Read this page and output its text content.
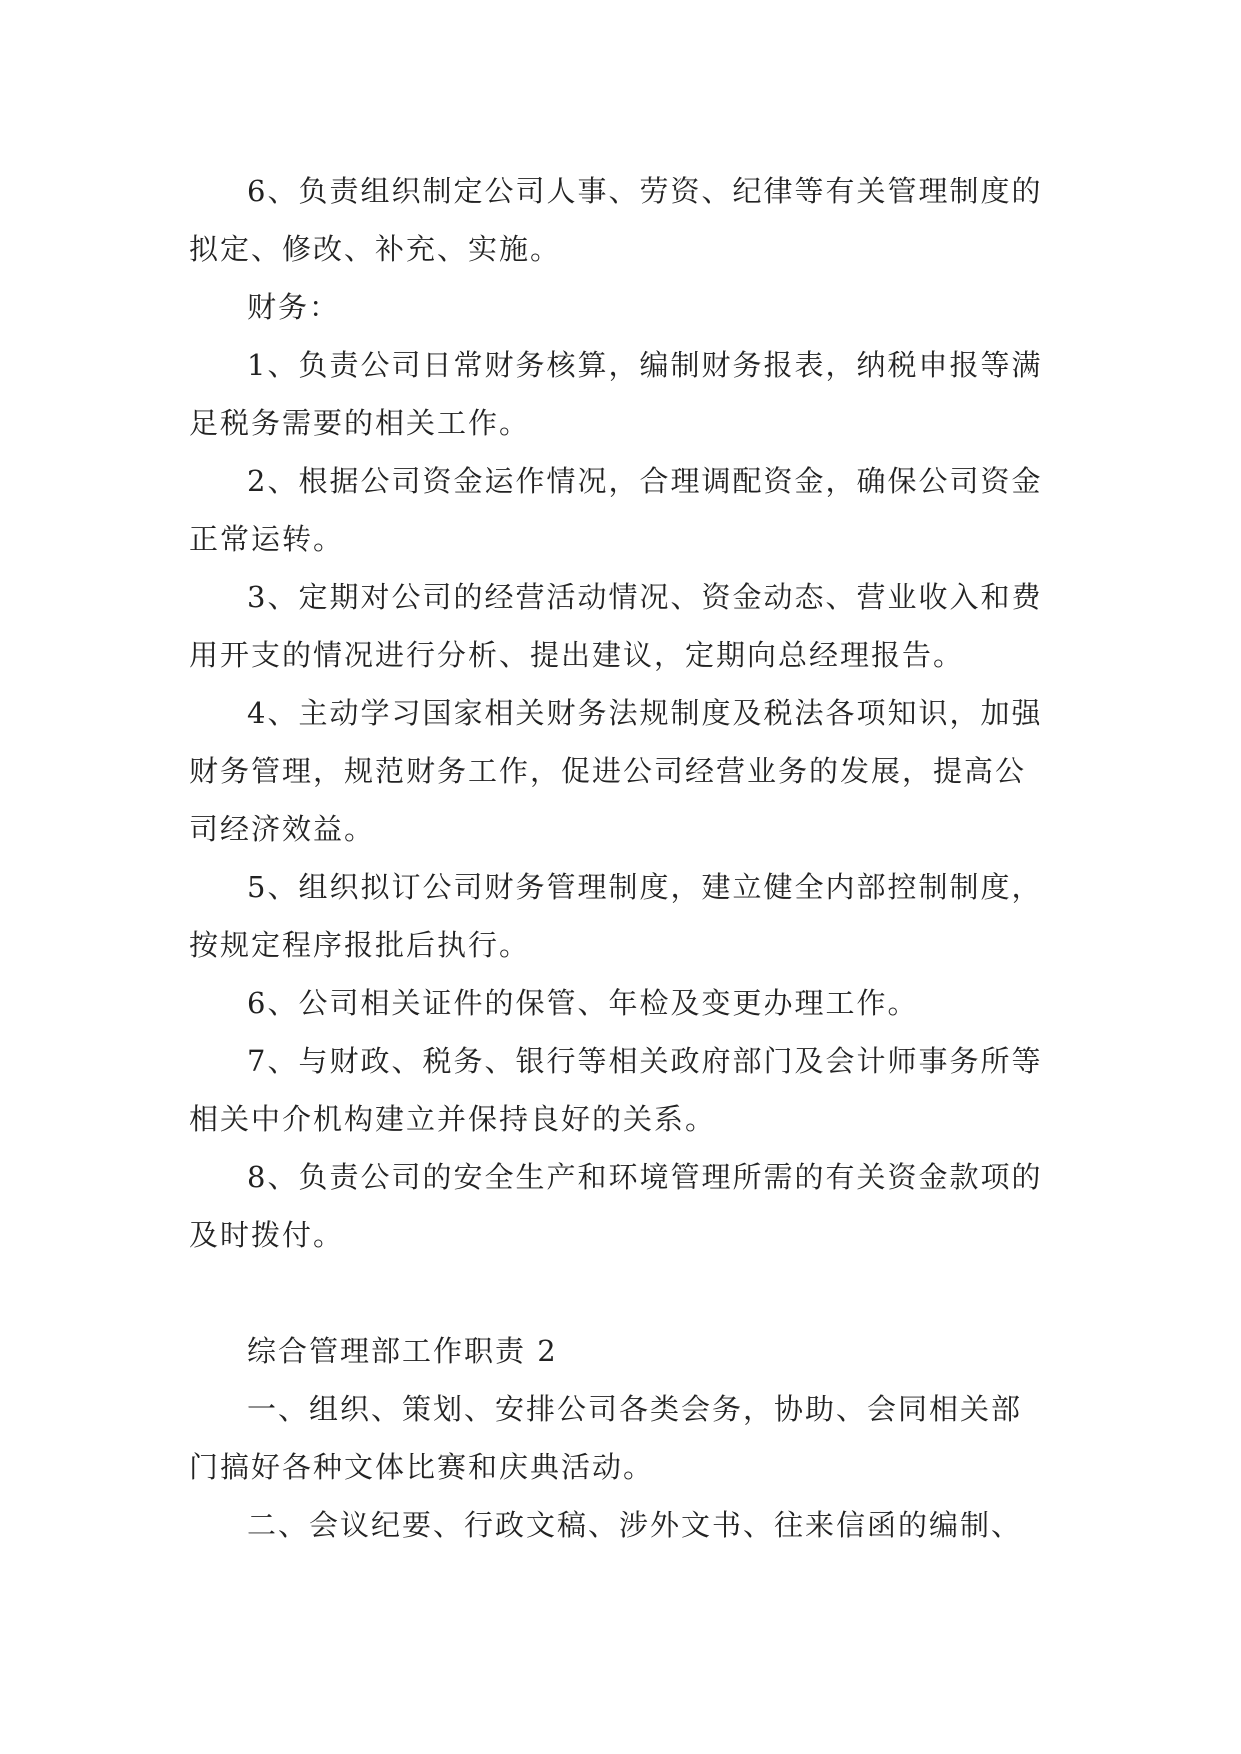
6、负责组织制定公司人事、劳资、纪律等有关管理制度的拟定、修改、补充、实施。

财务：

1、负责公司日常财务核算，编制财务报表，纳税申报等满足税务需要的相关工作。

2、根据公司资金运作情况，合理调配资金，确保公司资金正常运转。

3、定期对公司的经营活动情况、资金动态、营业收入和费用开支的情况进行分析、提出建议，定期向总经理报告。

4、主动学习国家相关财务法规制度及税法各项知识，加强财务管理，规范财务工作，促进公司经营业务的发展，提高公司经济效益。

5、组织拟订公司财务管理制度，建立健全内部控制制度，按规定程序报批后执行。

6、公司相关证件的保管、年检及变更办理工作。

7、与财政、税务、银行等相关政府部门及会计师事务所等相关中介机构建立并保持良好的关系。

8、负责公司的安全生产和环境管理所需的有关资金款项的及时拨付。

综合管理部工作职责 2

一、组织、策划、安排公司各类会务，协助、会同相关部门搞好各种文体比赛和庆典活动。

二、会议纪要、行政文稿、涉外文书、往来信函的编制、
